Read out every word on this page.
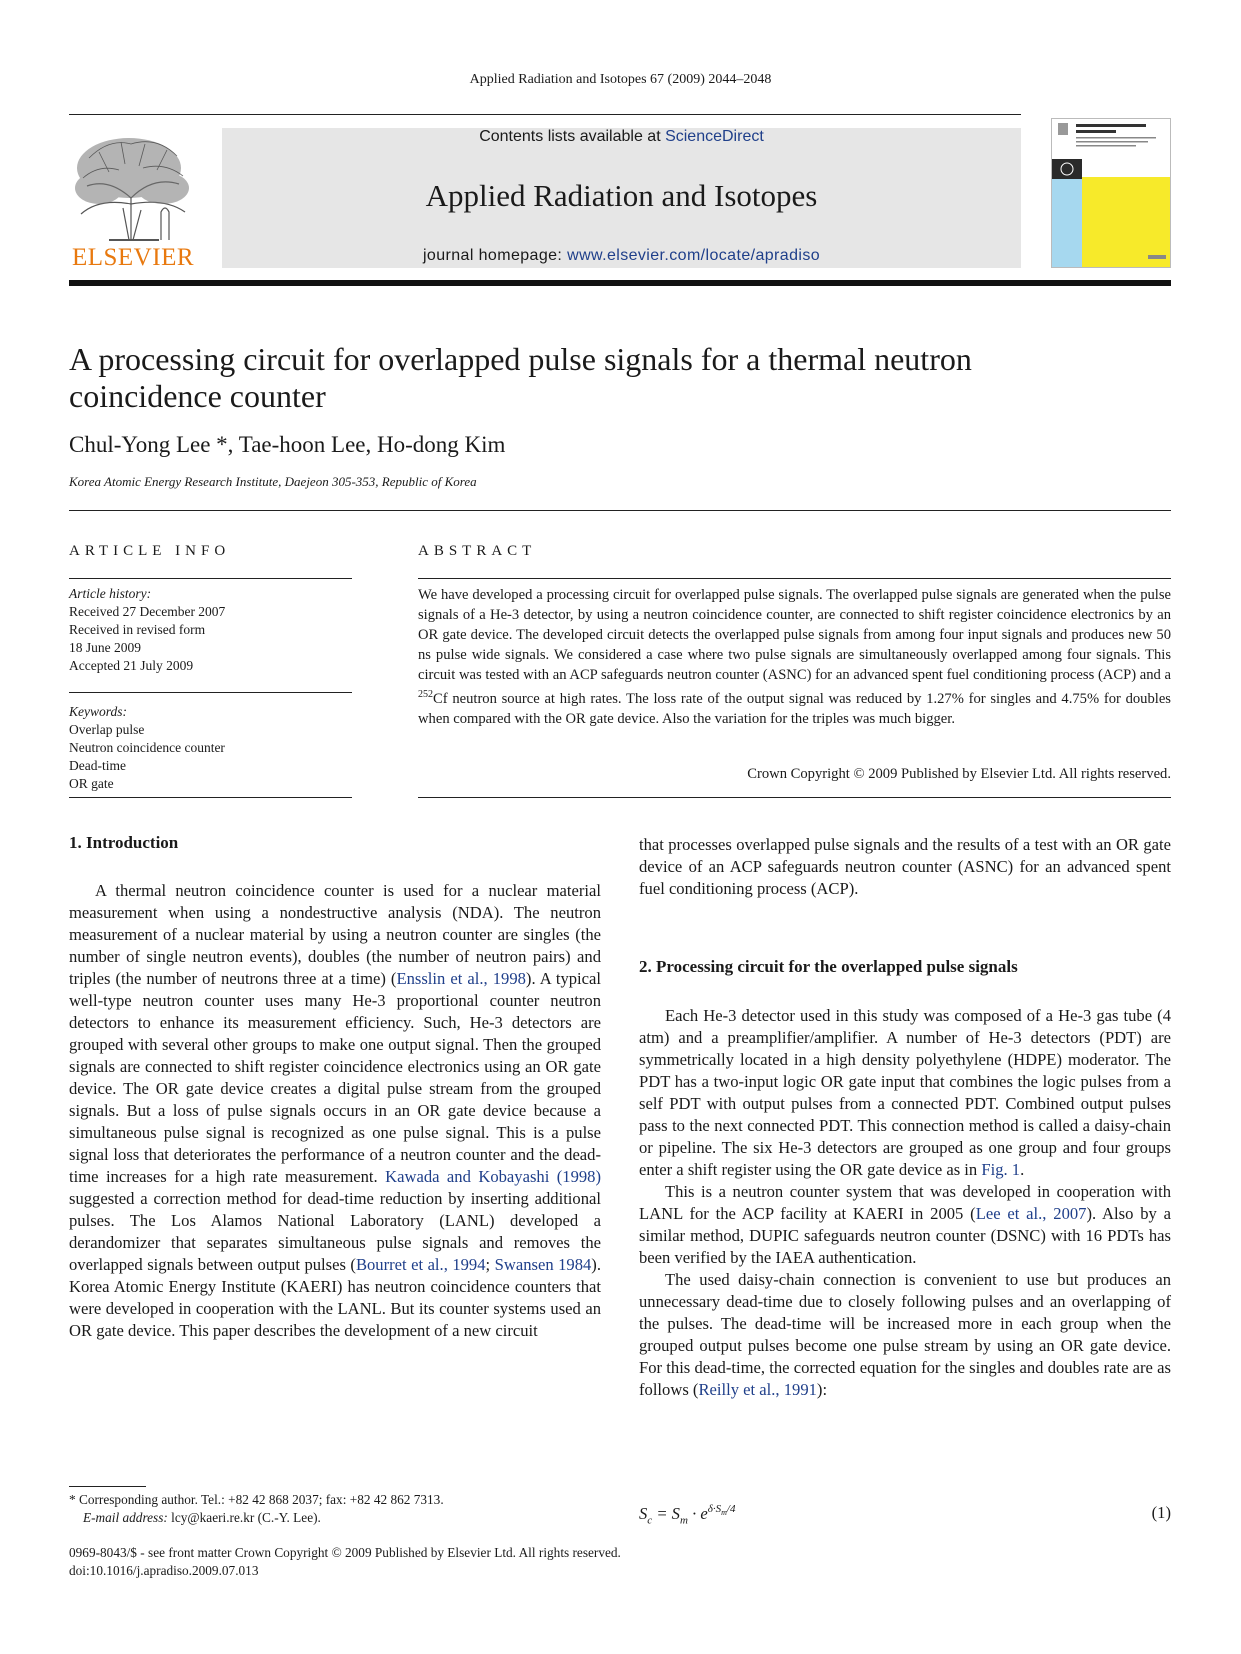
Applied Radiation and Isotopes 67 (2009) 2044–2048
ELSEVIER
Contents lists available at ScienceDirect
Applied Radiation and Isotopes
journal homepage: www.elsevier.com/locate/apradiso
A processing circuit for overlapped pulse signals for a thermal neutron coincidence counter
Chul-Yong Lee *, Tae-hoon Lee, Ho-dong Kim
Korea Atomic Energy Research Institute, Daejeon 305-353, Republic of Korea
ARTICLE INFO	ABSTRACT
Article history:
Received 27 December 2007
Received in revised form
18 June 2009
Accepted 21 July 2009
Keywords:
Overlap pulse
Neutron coincidence counter
Dead-time
OR gate
We have developed a processing circuit for overlapped pulse signals. The overlapped pulse signals are generated when the pulse signals of a He-3 detector, by using a neutron coincidence counter, are connected to shift register coincidence electronics by an OR gate device. The developed circuit detects the overlapped pulse signals from among four input signals and produces new 50 ns pulse wide signals. We considered a case where two pulse signals are simultaneously overlapped among four signals. This circuit was tested with an ACP safeguards neutron counter (ASNC) for an advanced spent fuel conditioning process (ACP) and a $^{252}$Cf neutron source at high rates. The loss rate of the output signal was reduced by 1.27% for singles and 4.75% for doubles when compared with the OR gate device. Also the variation for the triples was much bigger.
Crown Copyright © 2009 Published by Elsevier Ltd. All rights reserved.
1. Introduction
A thermal neutron coincidence counter is used for a nuclear material measurement when using a nondestructive analysis (NDA). The neutron measurement of a nuclear material by using a neutron counter are singles (the number of single neutron events), doubles (the number of neutron pairs) and triples (the number of neutrons three at a time) (Ensslin et al., 1998). A typical well-type neutron counter uses many He-3 proportional counter neutron detectors to enhance its measurement efficiency. Such, He-3 detectors are grouped with several other groups to make one output signal. Then the grouped signals are connected to shift register coincidence electronics using an OR gate device. The OR gate device creates a digital pulse stream from the grouped signals. But a loss of pulse signals occurs in an OR gate device because a simultaneous pulse signal is recognized as one pulse signal. This is a pulse signal loss that deteriorates the performance of a neutron counter and the dead-time increases for a high rate measurement. Kawada and Kobayashi (1998) suggested a correction method for dead-time reduction by inserting additional pulses. The Los Alamos National Laboratory (LANL) developed a derandomizer that separates simultaneous pulse signals and removes the overlapped signals between output pulses (Bourret et al., 1994; Swansen 1984). Korea Atomic Energy Institute (KAERI) has neutron coincidence counters that were developed in cooperation with the LANL. But its counter systems used an OR gate device. This paper describes the development of a new circuit
that processes overlapped pulse signals and the results of a test with an OR gate device of an ACP safeguards neutron counter (ASNC) for an advanced spent fuel conditioning process (ACP).
2. Processing circuit for the overlapped pulse signals

Each He-3 detector used in this study was composed of a He-3 gas tube (4 atm) and a preamplifier/amplifier. A number of He-3 detectors (PDT) are symmetrically located in a high density polyethylene (HDPE) moderator. The PDT has a two-input logic OR gate input that combines the logic pulses from a self PDT with output pulses from a connected PDT. Combined output pulses pass to the next connected PDT. This connection method is called a daisy-chain or pipeline. The six He-3 detectors are grouped as one group and four groups enter a shift register using the OR gate device as in Fig. 1.

This is a neutron counter system that was developed in cooperation with LANL for the ACP facility at KAERI in 2005 (Lee et al., 2007). Also by a similar method, DUPIC safeguards neutron counter (DSNC) with 16 PDTs has been verified by the IAEA authentication.

The used daisy-chain connection is convenient to use but produces an unnecessary dead-time due to closely following pulses and an overlapping of the pulses. The dead-time will be increased more in each group when the grouped output pulses become one pulse stream by using an OR gate device. For this dead-time, the corrected equation for the singles and doubles rate are as follows (Reilly et al., 1991):

$S_c = S_m \cdot e^{\delta\cdot S_m/4}$	(1)
* Corresponding author. Tel.: +82 42 868 2037; fax: +82 42 862 7313.
E-mail address: lcy@kaeri.re.kr (C.-Y. Lee).
0969-8043/$ - see front matter Crown Copyright © 2009 Published by Elsevier Ltd. All rights reserved.
doi:10.1016/j.apradiso.2009.07.013
